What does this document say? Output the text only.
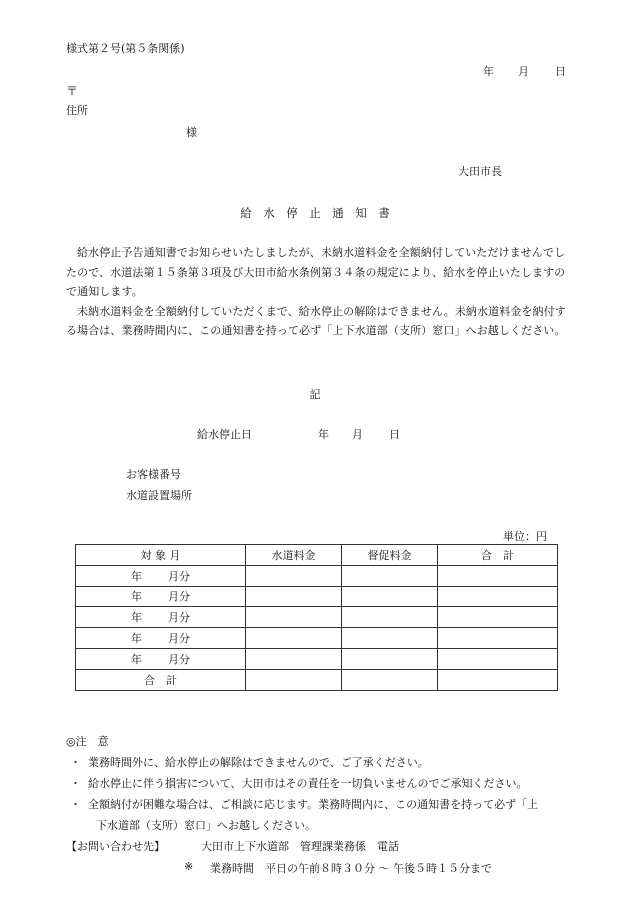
様式第２号(第５条関係)
年 月 日
〒
住所
様
大田市長
給　水　停　止　通　知　書

給水停止予告通知書でお知らせいたしましたが、未納水道料金を全額納付していただけませんでしたので、水道法第１５条第３項及び大田市給水条例第３４条の規定により、給水を停止いたしますので通知します。

未納水道料金を全額納付していただくまで、給水停止の解除はできません。未納水道料金を納付する場合は、業務時間内に、この通知書を持って必ず「上下水道部（支所）窓口」へお越しください。

記
給水停止日	年 月 日
お客様番号
水道設置場所
単位：円
対 象 月	水道料金	督促料金	合　計
年 月分			
年 月分			
年 月分			
年 月分			
年 月分			
合　計			
◎注　意
・ 業務時間外に、給水停止の解除はできませんので、ご了承ください。
・ 給水停止に伴う損害について、大田市はその責任を一切負いませんのでご承知ください。
・ 全額納付が困難な場合は、ご相談に応じます。業務時間内に、この通知書を持って必ず「上
下水道部（支所）窓口」へお越しください。
【お問い合わせ先】	大田市上下水道部　管理課業務係　電話
※ 業務時間　平日の午前８時３０分 ～ 午後５時１５分まで
